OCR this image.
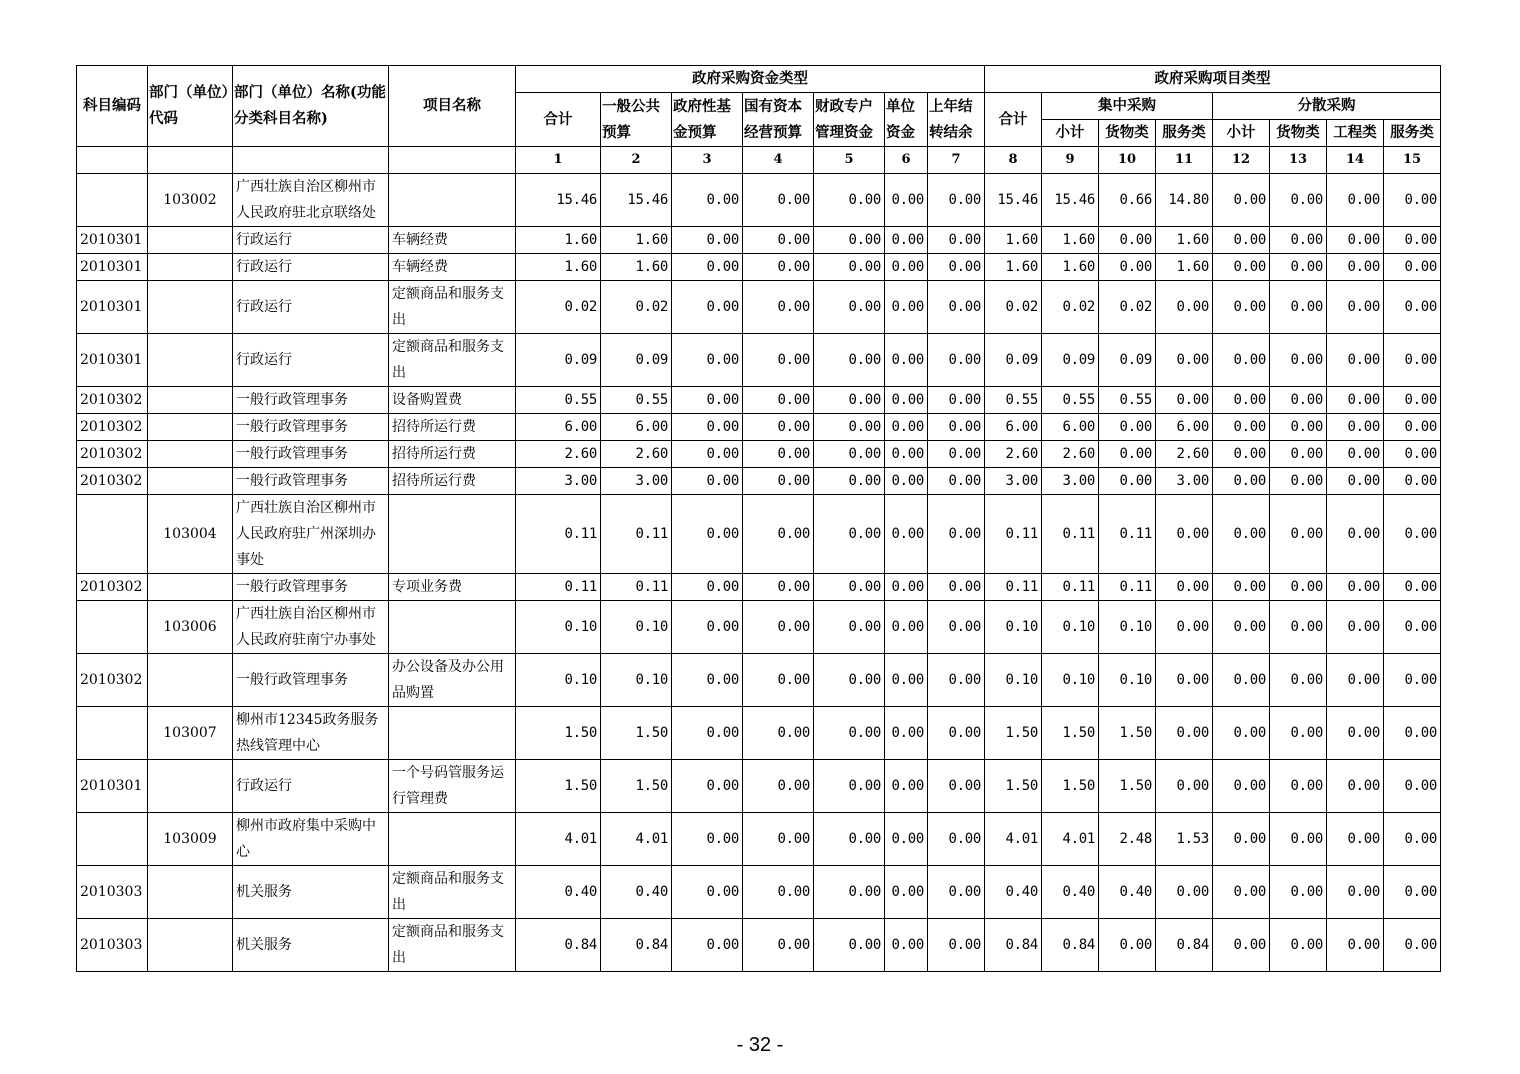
科目编码	部门（单位）代码	部门（单位）名称(功能分类科目名称)	项目名称	政府采购资金类型							政府采购项目类型							
				合计	一般公共预算	政府性基金预算	国有资本经营预算	财政专户管理资金	单位资金	上年结转结余	合计	集中采购			分散采购			
												小计	货物类	服务类	小计	货物类	工程类	服务类
				1	2	3	4	5	6	7	8	9	10	11	12	13	14	15
	103002	广西壮族自治区柳州市人民政府驻北京联络处		15.46	15.46	0.00	0.00	0.00	0.00	0.00	15.46	15.46	0.66	14.80	0.00	0.00	0.00	0.00
2010301		行政运行	车辆经费	1.60	1.60	0.00	0.00	0.00	0.00	0.00	1.60	1.60	0.00	1.60	0.00	0.00	0.00	0.00
2010301		行政运行	车辆经费	1.60	1.60	0.00	0.00	0.00	0.00	0.00	1.60	1.60	0.00	1.60	0.00	0.00	0.00	0.00
2010301		行政运行	定额商品和服务支出	0.02	0.02	0.00	0.00	0.00	0.00	0.00	0.02	0.02	0.02	0.00	0.00	0.00	0.00	0.00
2010301		行政运行	定额商品和服务支出	0.09	0.09	0.00	0.00	0.00	0.00	0.00	0.09	0.09	0.09	0.00	0.00	0.00	0.00	0.00
2010302		一般行政管理事务	设备购置费	0.55	0.55	0.00	0.00	0.00	0.00	0.00	0.55	0.55	0.55	0.00	0.00	0.00	0.00	0.00
2010302		一般行政管理事务	招待所运行费	6.00	6.00	0.00	0.00	0.00	0.00	0.00	6.00	6.00	0.00	6.00	0.00	0.00	0.00	0.00
2010302		一般行政管理事务	招待所运行费	2.60	2.60	0.00	0.00	0.00	0.00	0.00	2.60	2.60	0.00	2.60	0.00	0.00	0.00	0.00
2010302		一般行政管理事务	招待所运行费	3.00	3.00	0.00	0.00	0.00	0.00	0.00	3.00	3.00	0.00	3.00	0.00	0.00	0.00	0.00
	103004	广西壮族自治区柳州市人民政府驻广州深圳办事处		0.11	0.11	0.00	0.00	0.00	0.00	0.00	0.11	0.11	0.11	0.00	0.00	0.00	0.00	0.00
2010302		一般行政管理事务	专项业务费	0.11	0.11	0.00	0.00	0.00	0.00	0.00	0.11	0.11	0.11	0.00	0.00	0.00	0.00	0.00
	103006	广西壮族自治区柳州市人民政府驻南宁办事处		0.10	0.10	0.00	0.00	0.00	0.00	0.00	0.10	0.10	0.10	0.00	0.00	0.00	0.00	0.00
2010302		一般行政管理事务	办公设备及办公用品购置	0.10	0.10	0.00	0.00	0.00	0.00	0.00	0.10	0.10	0.10	0.00	0.00	0.00	0.00	0.00
	103007	柳州市12345政务服务热线管理中心		1.50	1.50	0.00	0.00	0.00	0.00	0.00	1.50	1.50	1.50	0.00	0.00	0.00	0.00	0.00
2010301		行政运行	一个号码管服务运行管理费	1.50	1.50	0.00	0.00	0.00	0.00	0.00	1.50	1.50	1.50	0.00	0.00	0.00	0.00	0.00
	103009	柳州市政府集中采购中心		4.01	4.01	0.00	0.00	0.00	0.00	0.00	4.01	4.01	2.48	1.53	0.00	0.00	0.00	0.00
2010303		机关服务	定额商品和服务支出	0.40	0.40	0.00	0.00	0.00	0.00	0.00	0.40	0.40	0.40	0.00	0.00	0.00	0.00	0.00
2010303		机关服务	定额商品和服务支出	0.84	0.84	0.00	0.00	0.00	0.00	0.00	0.84	0.84	0.00	0.84	0.00	0.00	0.00	0.00
- 32 -
